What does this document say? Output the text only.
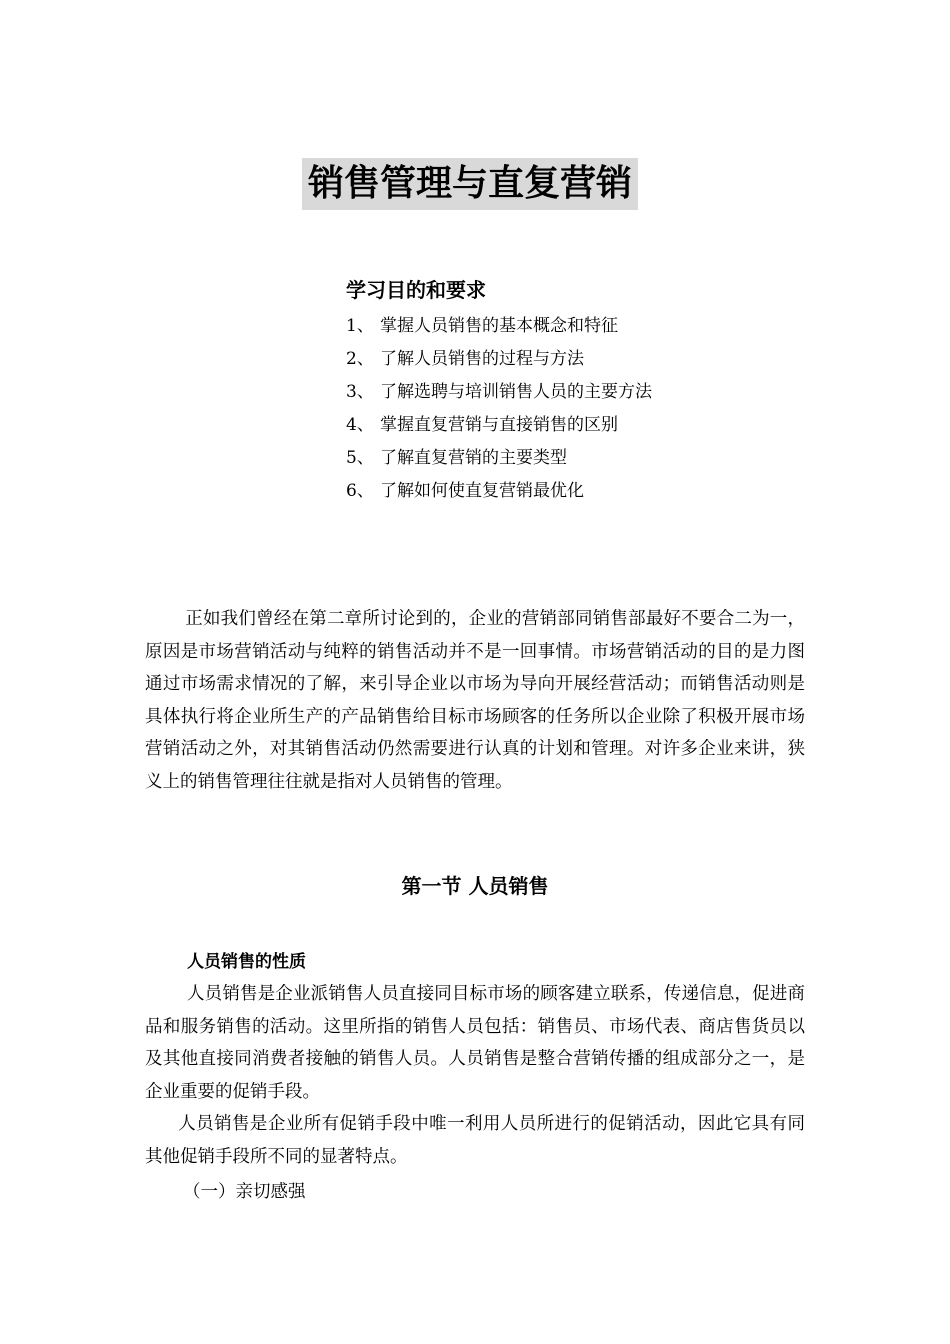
销售管理与直复营销
学习目的和要求
1、 掌握人员销售的基本概念和特征
2、 了解人员销售的过程与方法
3、 了解选聘与培训销售人员的主要方法
4、 掌握直复营销与直接销售的区别
5、 了解直复营销的主要类型
6、 了解如何使直复营销最优化

正如我们曾经在第二章所讨论到的，企业的营销部同销售部最好不要合二为一，原因是市场营销活动与纯粹的销售活动并不是一回事情。市场营销活动的目的是力图通过市场需求情况的了解，来引导企业以市场为导向开展经营活动；而销售活动则是具体执行将企业所生产的产品销售给目标市场顾客的任务所以企业除了积极开展市场营销活动之外，对其销售活动仍然需要进行认真的计划和管理。对许多企业来讲，狭义上的销售管理往往就是指对人员销售的管理。

第一节 人员销售
人员销售的性质

人员销售是企业派销售人员直接同目标市场的顾客建立联系，传递信息，促进商品和服务销售的活动。这里所指的销售人员包括：销售员、市场代表、商店售货员以及其他直接同消费者接触的销售人员。人员销售是整合营销传播的组成部分之一，是企业重要的促销手段。

人员销售是企业所有促销手段中唯一利用人员所进行的促销活动，因此它具有同其他促销手段所不同的显著特点。

（一）亲切感强
